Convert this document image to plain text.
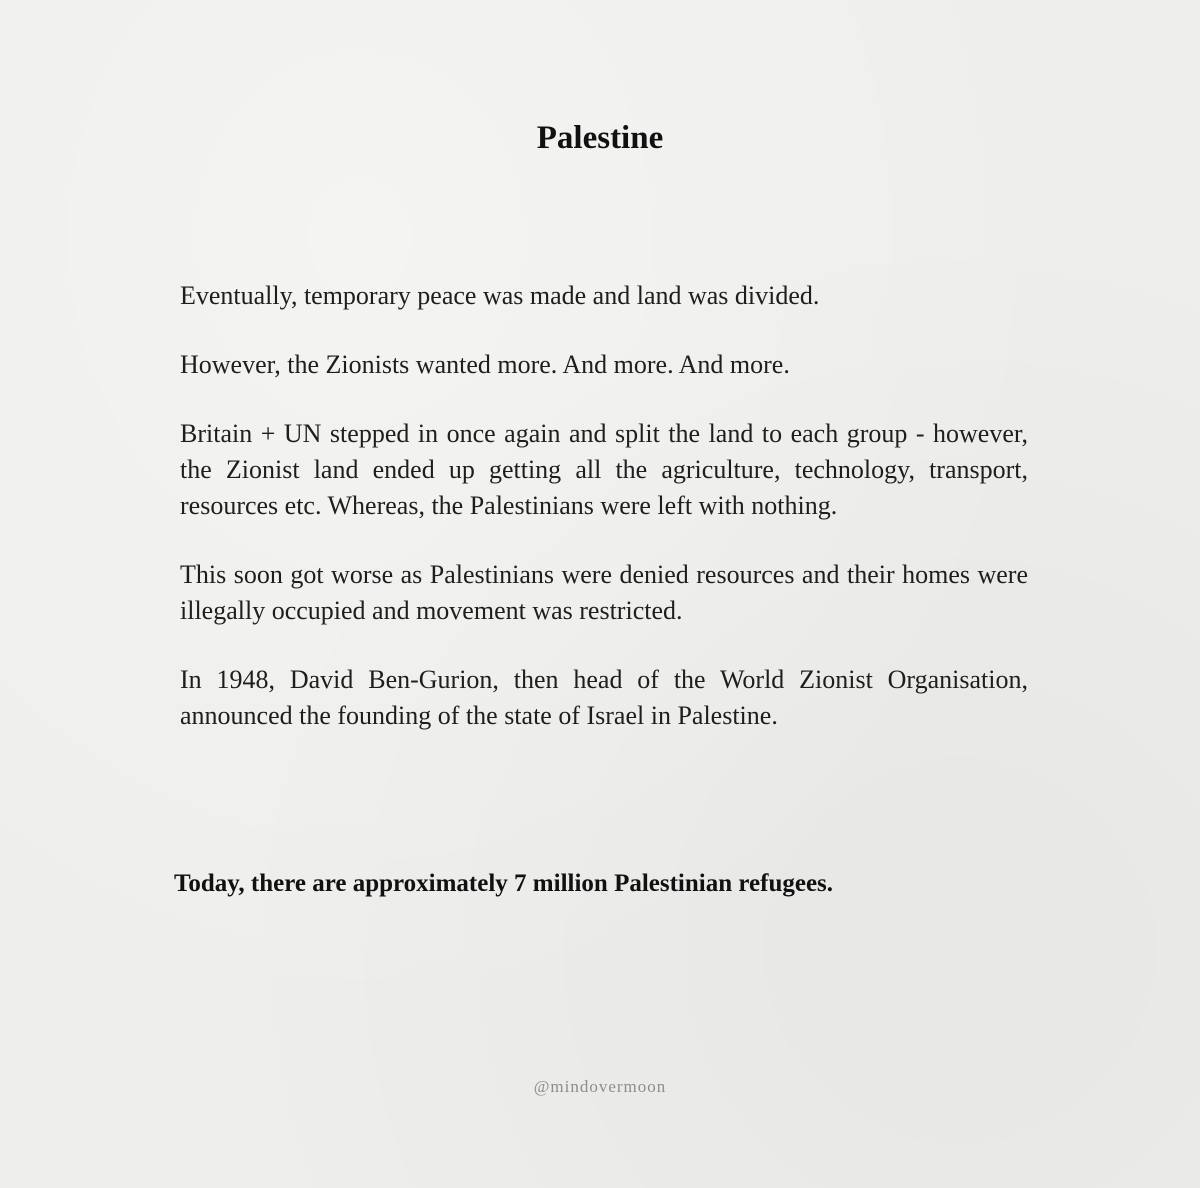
Palestine

Eventually, temporary peace was made and land was divided.

However, the Zionists wanted more. And more. And more.

Britain + UN stepped in once again and split the land to each group - however, the Zionist land ended up getting all the agriculture, technology, transport, resources etc. Whereas, the Palestinians were left with nothing.

This soon got worse as Palestinians were denied resources and their homes were illegally occupied and movement was restricted.

In 1948, David Ben-Gurion, then head of the World Zionist Organisation, announced the founding of the state of Israel in Palestine.

Today, there are approximately 7 million Palestinian refugees.

@mindovermoon
